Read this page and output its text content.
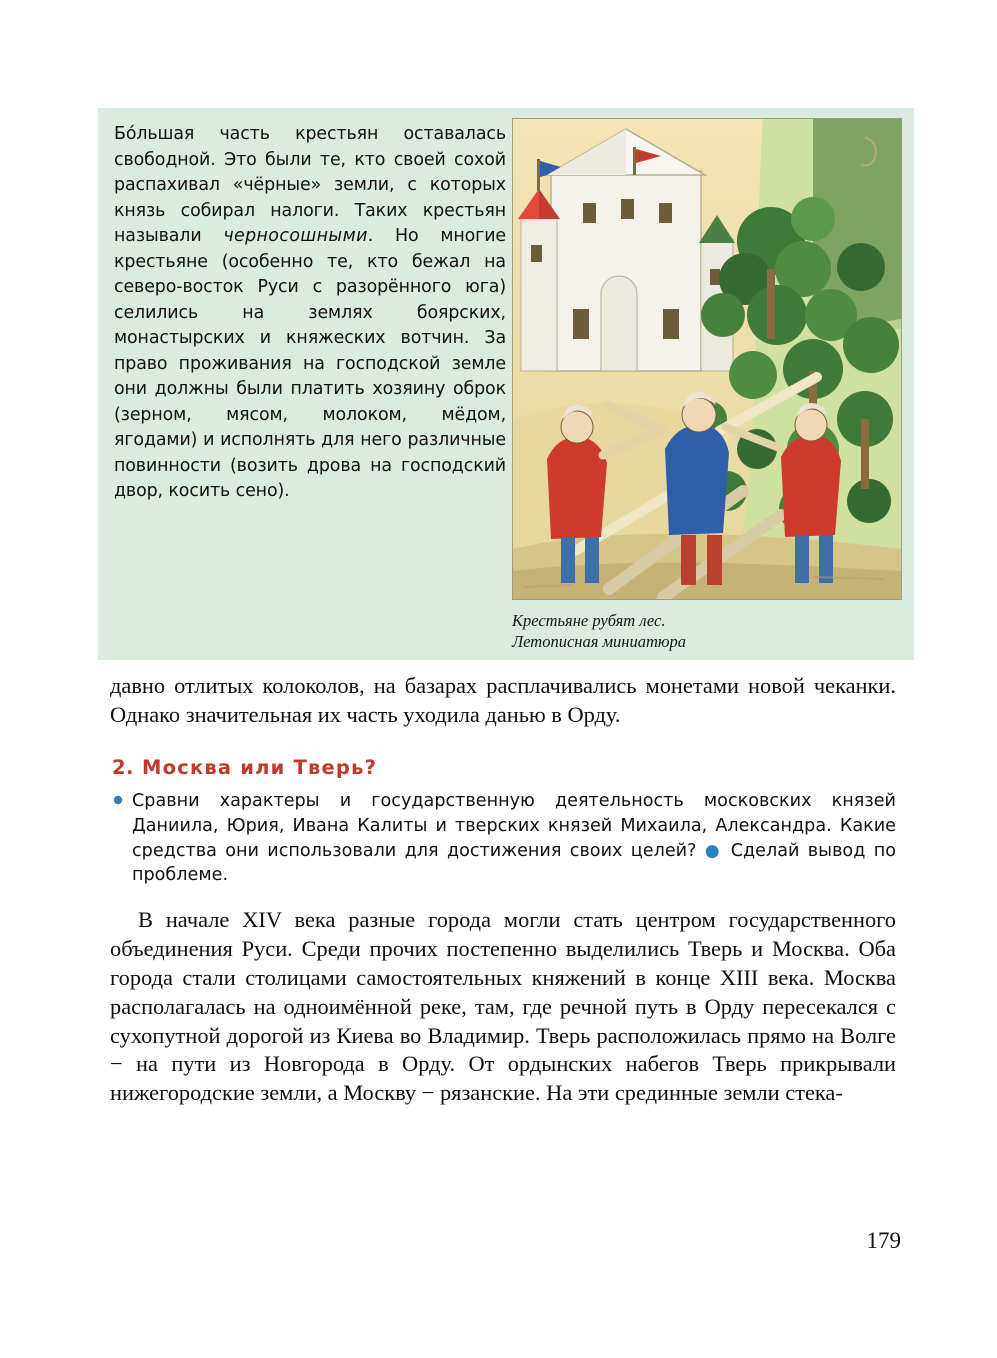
Бо́льшая часть крестьян оставалась свободной. Это были те, кто своей сохой распахивал «чёрные» земли, с которых князь собирал налоги. Таких крестьян называли черносошными. Но многие крестьяне (особенно те, кто бежал на северо-восток Руси с разорённого юга) селились на землях боярских, монастырских и княжеских вотчин. За право проживания на господской земле они должны были платить хозяину оброк (зерном, мясом, молоком, мёдом, ягодами) и исполнять для него различные повинности (возить дрова на господский двор, косить сено).
Крестьяне рубят лес.
Летописная миниатюра

давно отлитых колоколов, на базарах расплачивались монетами новой чеканки. Однако значительная их часть уходила данью в Орду.

2. Москва или Тверь?
Сравни характеры и государственную деятельность московских князей Даниила, Юрия, Ивана Калиты и тверских князей Михаила, Александра. Какие средства они использовали для достижения своих целей? ● Сделай вывод по проблеме.

В начале XIV века разные города могли стать центром государственного объединения Руси. Среди прочих постепенно выделились Тверь и Москва. Оба города стали столицами самостоятельных княжений в конце XIII века. Москва располагалась на одноимённой реке, там, где речной путь в Орду пересекался с сухопутной дорогой из Киева во Владимир. Тверь расположилась прямо на Волге − на пути из Новгорода в Орду. От ордынских набегов Тверь прикрывали нижегородские земли, а Москву − рязанские. На эти срединные земли стека-

179
